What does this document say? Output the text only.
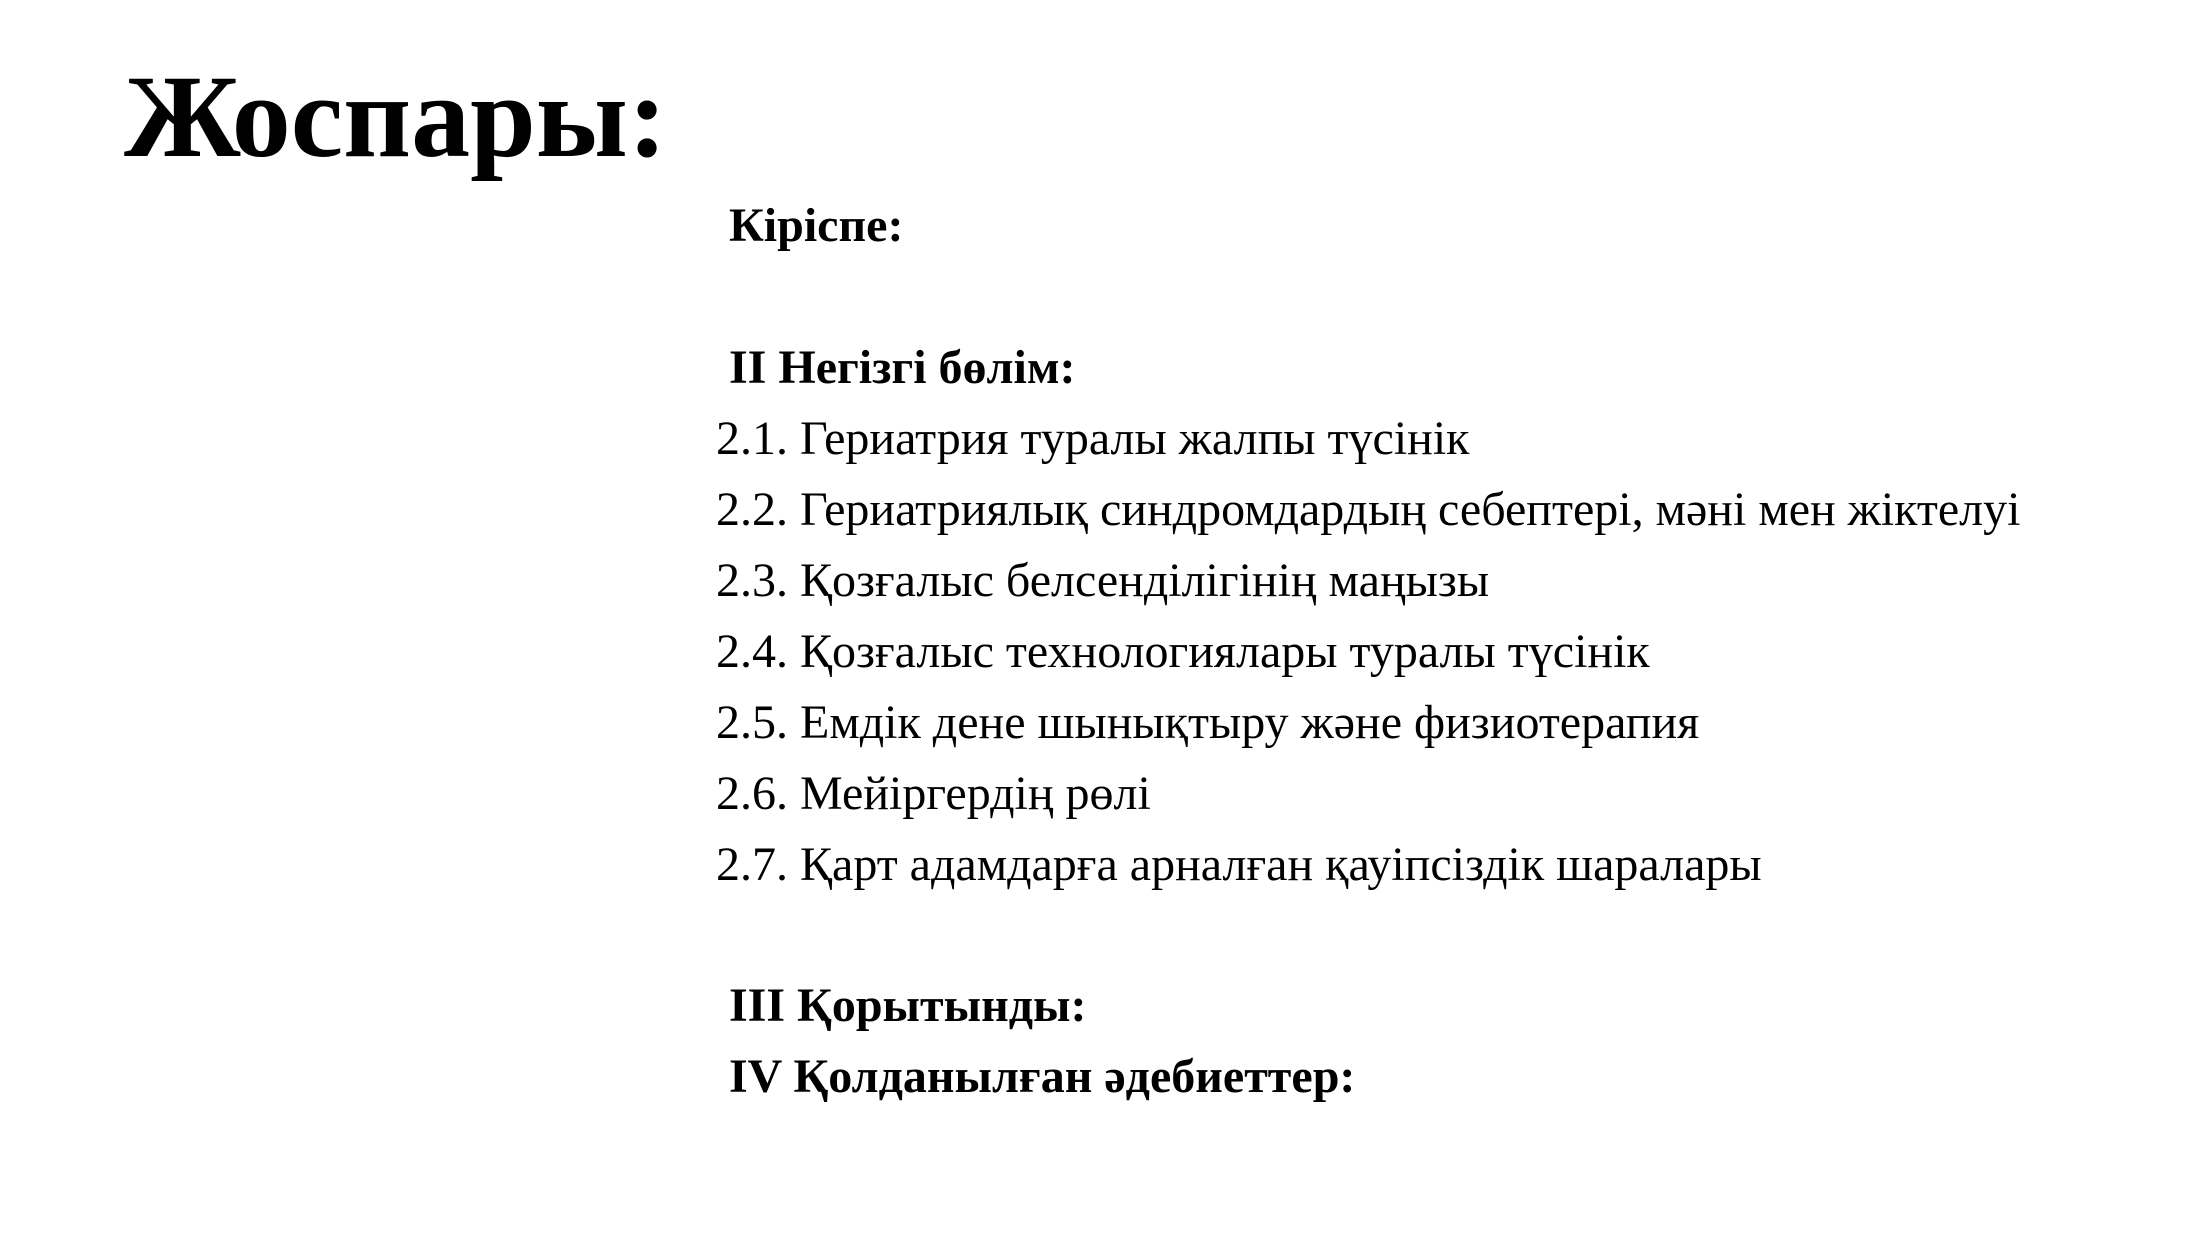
Жоспары:
Кіріспе:
II Негізгі бөлім:
2.1. Гериатрия туралы жалпы түсінік
2.2. Гериатриялық синдромдардың себептері, мәні мен жіктелуі
2.3. Қозғалыс белсенділігінің маңызы
2.4. Қозғалыс технологиялары туралы түсінік
2.5. Емдік дене шынықтыру және физиотерапия
2.6. Мейіргердің рөлі
2.7. Қарт адамдарға арналған қауіпсіздік шаралары
III Қорытынды:
IV Қолданылған әдебиеттер:
